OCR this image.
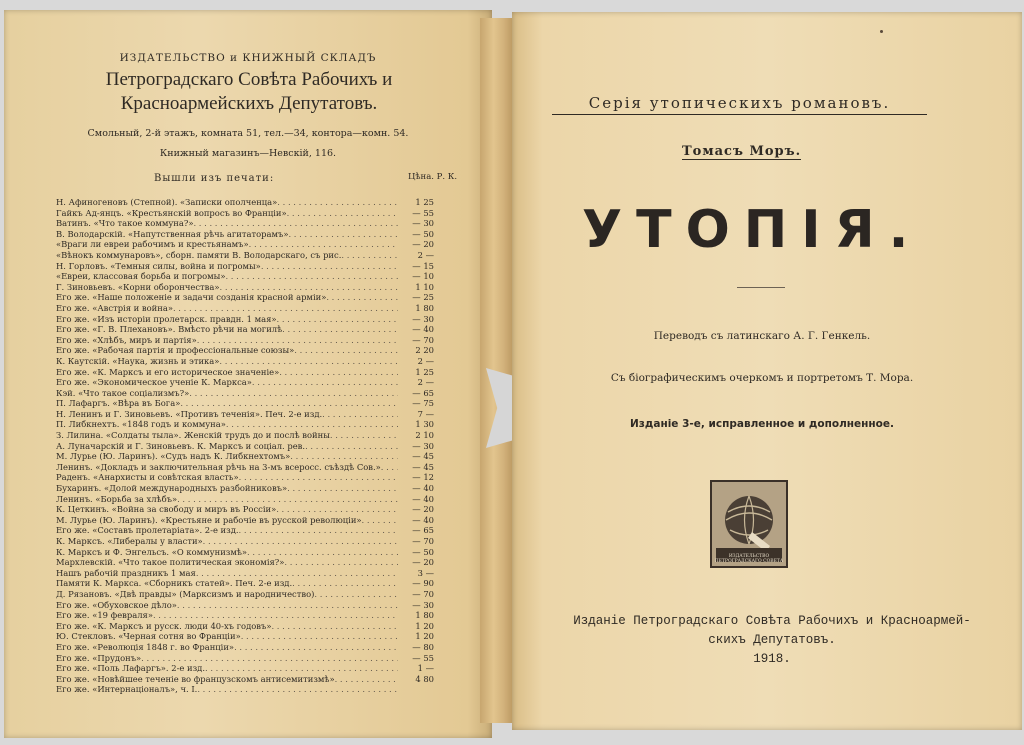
ИЗДАТЕЛЬСТВО и КНИЖНЫЙ СКЛАДЪ
Петроградскаго Совѣта Рабочихъ и Красноармейскихъ Депутатовъ.
Смольный, 2-й этажъ, комната 51, тел.—34, контора—комн. 54.
Книжный магазинъ—Невскій, 116.
Вышли изъ печати:	Цѣна. Р. К.
Н. Афиногеновъ (Степной). «Записки ополченца» . . .	1 25
Гайкъ Ад-янцъ. «Крестьянскій вопросъ во Франціи» . . .	— 55
Ватинъ. «Что такое коммуна?» . . .	— 30
В. Володарскій. «Напутственная рѣчь агитаторамъ» . . .	— 50
«Враги ли евреи рабочимъ и крестьянамъ» . . .	— 20
«Вѣнокъ коммунаровъ», сборн. памяти В. Володарскаго, съ рис. . . .	2 —
Н. Горловъ. «Темныя силы, война и погромы» . . .	— 15
«Евреи, классовая борьба и погромы» . . .	— 10
Г. Зиновьевъ. «Корни оборончества» . . .	1 10
Его же. «Наше положеніе и задачи созданія красной арміи» . . .	— 25
Его же. «Австрія и война» . . .	1 80
Его же. «Изъ исторіи пролетарск. правдн. 1 мая» . . .	— 30
Его же. «Г. В. Плехановъ». Вмѣсто рѣчи на могилѣ . . .	— 40
Его же. «Хлѣбъ, миръ и партія» . . .	— 70
Его же. «Рабочая партія и профессіональные союзы» . . .	2 20
К. Каутскій. «Наука, жизнь и этика» . . .	2 —
Его же. «К. Марксъ и его историческое значеніе» . . .	1 25
Его же. «Экономическое ученіе К. Маркса» . . .	2 —
Кэй. «Что такое соціализмъ?» . . .	— 65
П. Лафаргъ. «Вѣра въ Бога» . . .	— 75
Н. Ленинъ и Г. Зиновьевъ. «Противъ теченія». Печ. 2-е изд. . . .	7 —
П. Либкнехтъ. «1848 годъ и коммуна» . . .	1 30
З. Лилина. «Солдаты тыла». Женскій трудъ до и послѣ войны . . .	2 10
А. Луначарскій и Г. Зиновьевъ. К. Марксъ и соціал. рев. . . .	— 30
М. Лурье (Ю. Ларинъ). «Судъ надъ К. Либкнехтомъ» . . .	— 45
Ленинъ. «Докладъ и заключительная рѣчь на 3-мъ всеросс. съѣздѣ Сов.» . . .	— 45
Раденъ. «Анархисты и совѣтская власть» . . .	— 12
Бухаринъ. «Долой международныхъ разбойниковъ» . . .	— 40
Ленинъ. «Борьба за хлѣбъ» . . .	— 40
К. Цеткинъ. «Война за свободу и миръ въ Россіи» . . .	— 20
М. Лурье (Ю. Ларинъ). «Крестьяне и рабочіе въ русской революціи» . . .	— 40
Его же. «Составъ пролетаріата». 2-е изд. . . .	— 65
К. Марксъ. «Либералы у власти» . . .	— 70
К. Марксъ и Ф. Энгельсъ. «О коммунизмѣ» . . .	— 50
Мархлевскій. «Что такое политическая экономія?» . . .	— 20
Нашъ рабочій праздникъ 1 мая . . .	3 —
Памяти К. Маркса. «Сборникъ статей». Печ. 2-е изд. . . .	— 90
Д. Рязановъ. «Двѣ правды» (Марксизмъ и народничество) . . .	— 70
Его же. «Обуховское дѣло» . . .	— 30
Его же. «19 февраля» . . .	1 80
Его же. «К. Марксъ и русск. люди 40-хъ годовъ» . . .	1 20
Ю. Стекловъ. «Черная сотня во Франціи» . . .	1 20
Его же. «Революція 1848 г. во Франціи» . . .	— 80
Его же. «Прудонъ» . . .	— 55
Его же. «Поль Лафаргъ». 2-е изд. . . .	1 —
Его же. «Новѣйшее теченіе во французскомъ антисемитизмѣ» . . .	4 80
Его же. «Интернаціоналъ», ч. I.
. . .
Серія утопическихъ романовъ.
Томасъ Моръ.
УТОПІЯ.
Переводъ съ латинскаго А. Г. Генкель.
Съ біографическимъ очеркомъ и портретомъ Т. Мора.
Изданіе 3-е, исправленное и дополненное.
ИЗДАТЕЛЬСТВО ПЕТРОГРАДСКАГО СОВЕТА
Изданіе Петроградскаго Совѣта Рабочихъ и Красноармей-
скихъ Депутатовъ.
1918.
